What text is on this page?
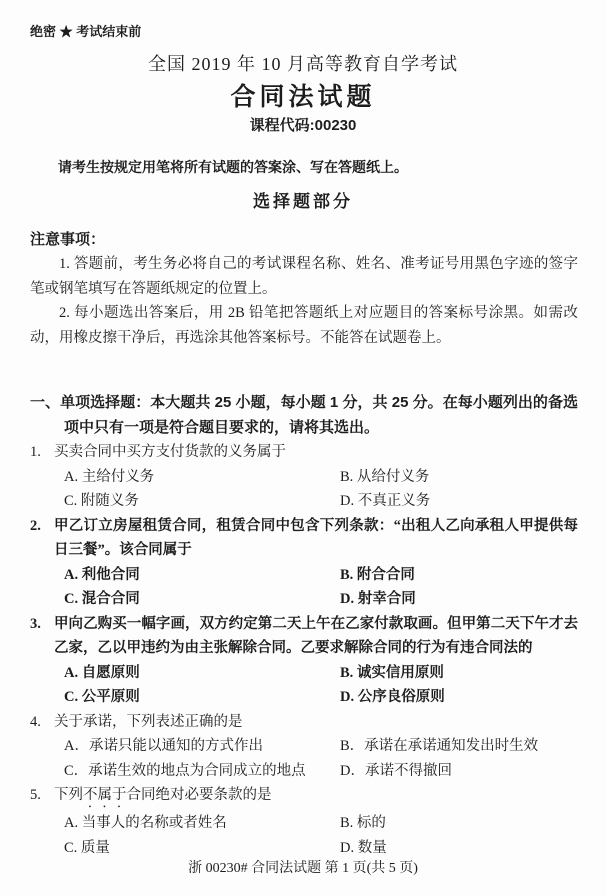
绝密 ★ 考试结束前
全国 2019 年 10 月高等教育自学考试
合同法试题
课程代码:00230
请考生按规定用笔将所有试题的答案涂、写在答题纸上。
选择题部分
注意事项：

1. 答题前，考生务必将自己的考试课程名称、姓名、准考证号用黑色字迹的签字笔或钢笔填写在答题纸规定的位置上。

2. 每小题选出答案后，用 2B 铅笔把答题纸上对应题目的答案标号涂黑。如需改动，用橡皮擦干净后，再选涂其他答案标号。不能答在试题卷上。

一、单项选择题：本大题共 25 小题，每小题 1 分，共 25 分。在每小题列出的备选项中只有一项是符合题目要求的，请将其选出。
1. 买卖合同中买方支付货款的义务属于
A. 主给付义务	B. 从给付义务
C. 附随义务	D. 不真正义务
2. 甲乙订立房屋租赁合同，租赁合同中包含下列条款：“出租人乙向承租人甲提供每日三餐”。该合同属于
A. 利他合同	B. 附合合同
C. 混合合同	D. 射幸合同
3. 甲向乙购买一幅字画，双方约定第二天上午在乙家付款取画。但甲第二天下午才去乙家，乙以甲违约为由主张解除合同。乙要求解除合同的行为有违合同法的
A. 自愿原则	B. 诚实信用原则
C. 公平原则	D. 公序良俗原则
4. 关于承诺，下列表述正确的是
A．承诺只能以通知的方式作出	B．承诺在承诺通知发出时生效
C．承诺生效的地点为合同成立的地点	D．承诺不得撤回
5. 下列不属于合同绝对必要条款的是
A. 当事人的名称或者姓名	B. 标的
C. 质量	D. 数量
浙 00230# 合同法试题 第 1 页(共 5 页)
